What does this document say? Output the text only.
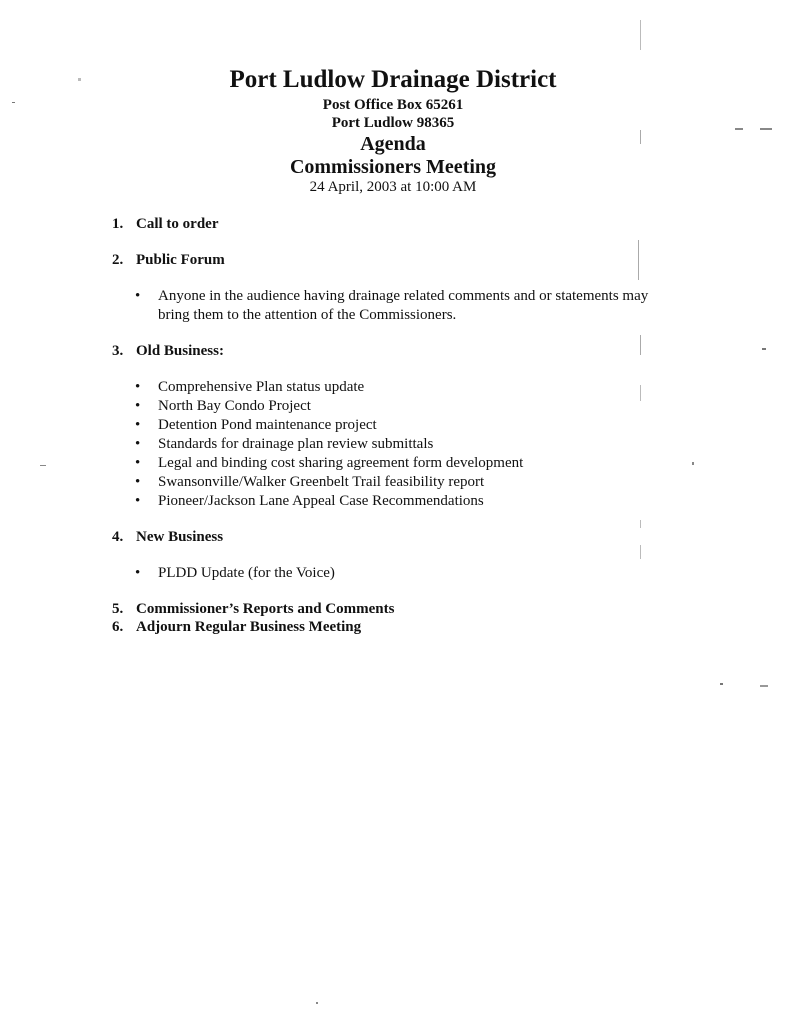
Port Ludlow Drainage District

Post Office Box 65261

Port Ludlow 98365

Agenda

Commissioners Meeting

24 April, 2003 at 10:00 AM

1. Call to order
2. Public Forum
• Anyone in the audience having drainage related comments and or statements may bring them to the attention of the Commissioners.
3. Old Business:
• Comprehensive Plan status update
• North Bay Condo Project
• Detention Pond maintenance project
• Standards for drainage plan review submittals
• Legal and binding cost sharing agreement form development
• Swansonville/Walker Greenbelt Trail feasibility report
• Pioneer/Jackson Lane Appeal Case Recommendations
4. New Business
• PLDD Update (for the Voice)
5. Commissioner’s Reports and Comments
6. Adjourn Regular Business Meeting
